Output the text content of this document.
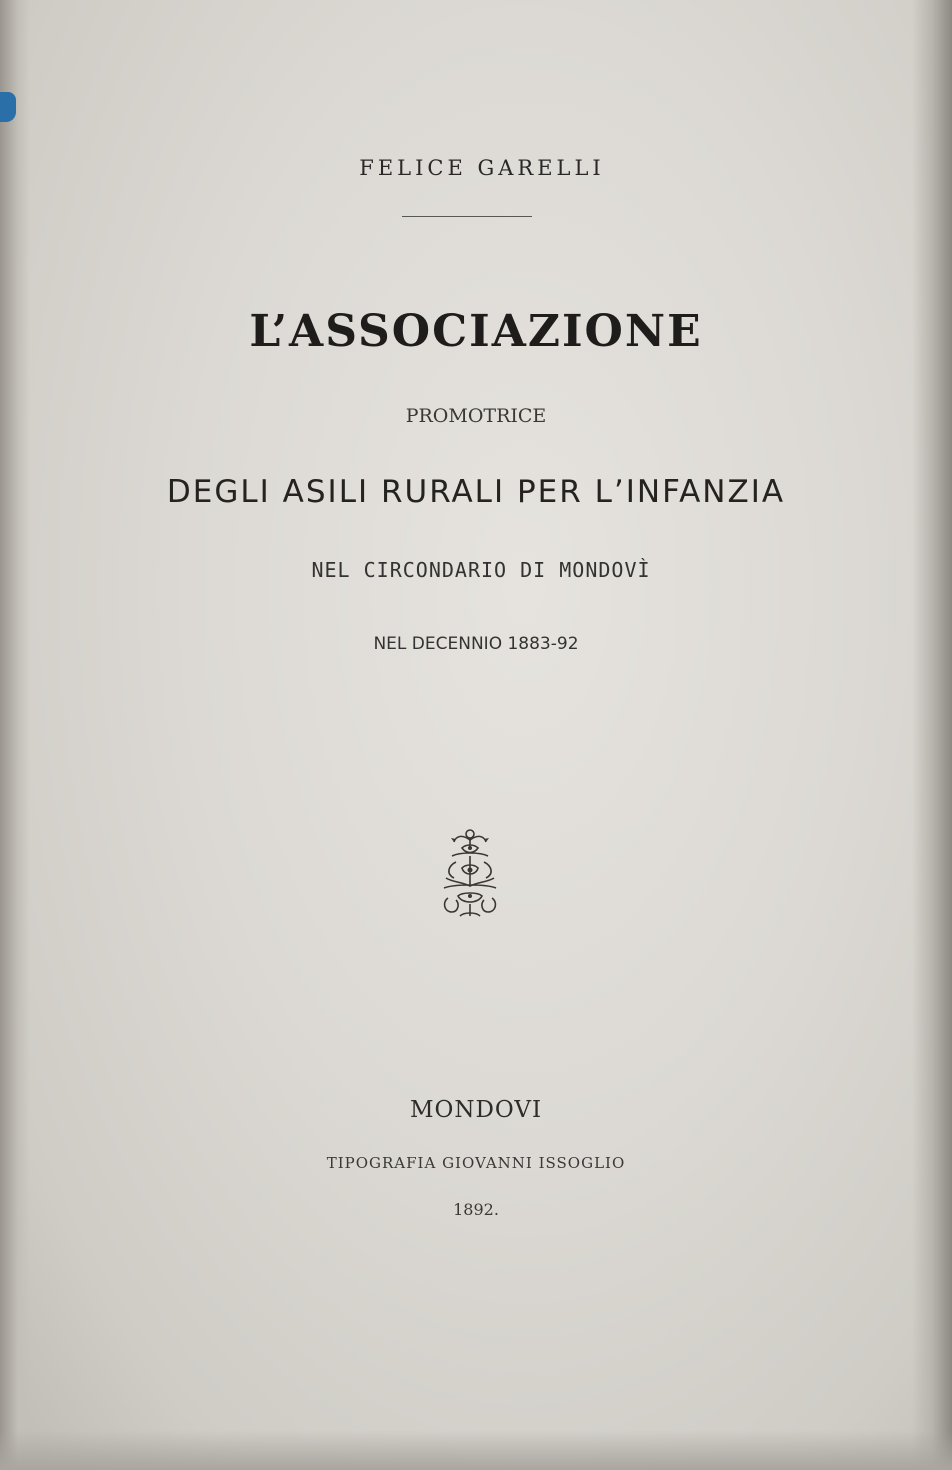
FELICE GARELLI
L’ASSOCIAZIONE
PROMOTRICE
DEGLI ASILI RURALI PER L’INFANZIA
NEL CIRCONDARIO DI MONDOVÌ
NEL DECENNIO 1883-92
MONDOVI
TIPOGRAFIA GIOVANNI ISSOGLIO
1892.
